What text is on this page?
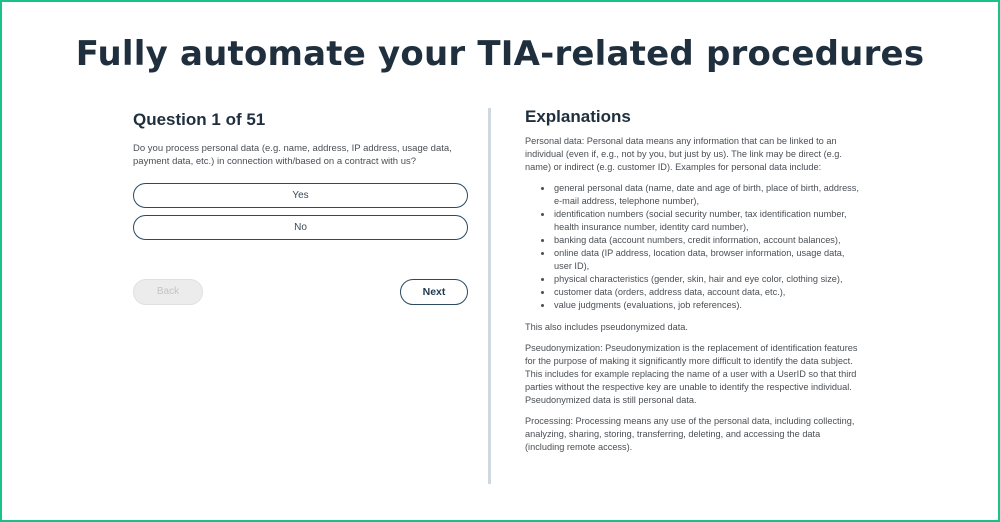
Fully automate your TIA-related procedures
Question 1 of 51

Do you process personal data (e.g. name, address, IP address, usage data, payment data, etc.) in connection with/based on a contract with us?

Yes
No
Back	Next
Explanations

Personal data: Personal data means any information that can be linked to an individual (even if, e.g., not by you, but just by us). The link may be direct (e.g. name) or indirect (e.g. customer ID). Examples for personal data include:

general personal data (name, date and age of birth, place of birth, address, e-mail address, telephone number),
identification numbers (social security number, tax identification number, health insurance number, identity card number),
banking data (account numbers, credit information, account balances),
online data (IP address, location data, browser information, usage data, user ID),
physical characteristics (gender, skin, hair and eye color, clothing size),
customer data (orders, address data, account data, etc.),
value judgments (evaluations, job references).

This also includes pseudonymized data.

Pseudonymization: Pseudonymization is the replacement of identification features for the purpose of making it significantly more difficult to identify the data subject. This includes for example replacing the name of a user with a UserID so that third parties without the respective key are unable to identify the respective individual. Pseudonymized data is still personal data.

Processing: Processing means any use of the personal data, including collecting, analyzing, sharing, storing, transferring, deleting, and accessing the data (including remote access).
